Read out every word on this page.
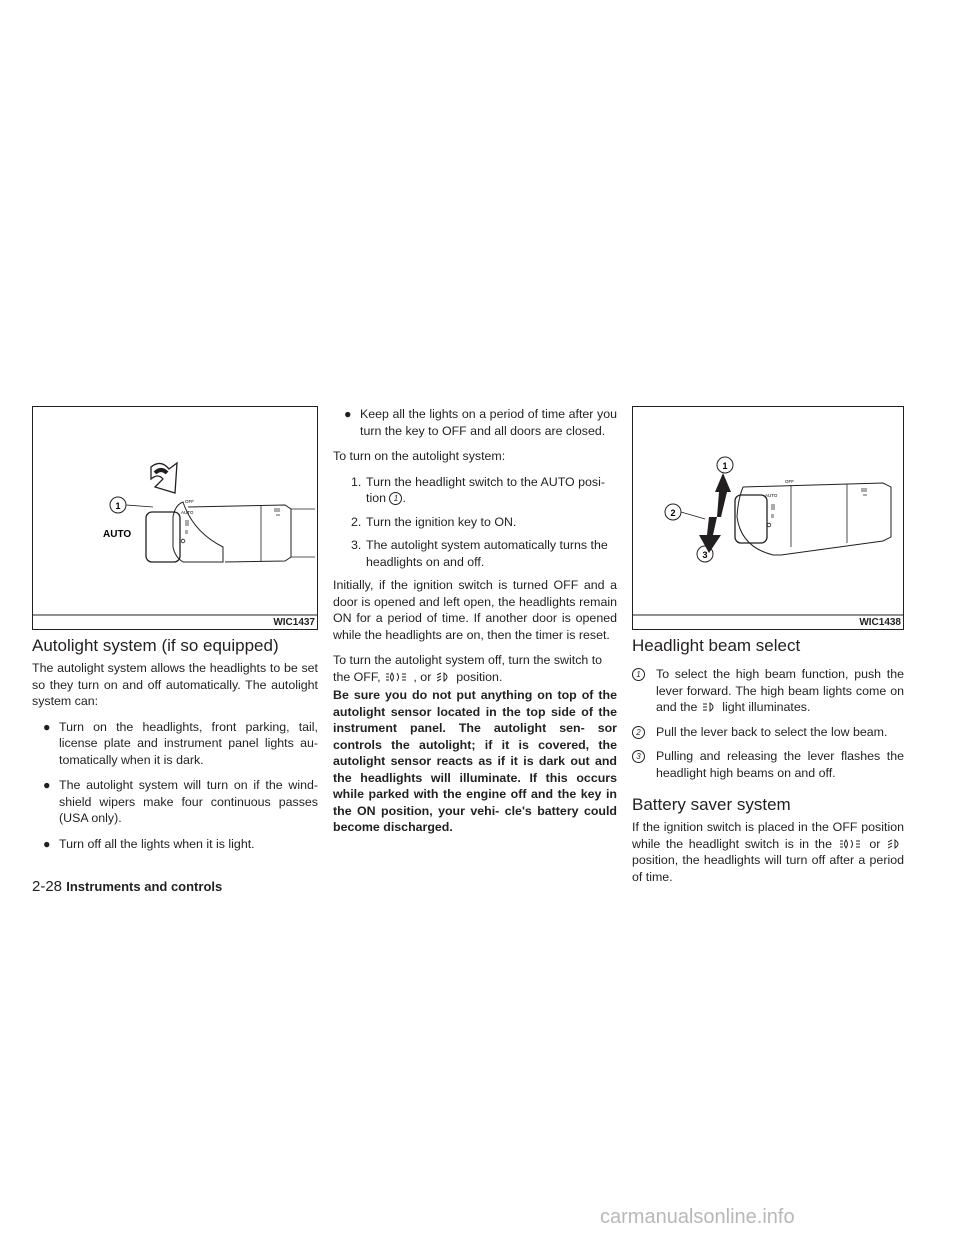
1
AUTO
OFF
AUTO
WIC1437
1
2
3
OFF
AUTO
WIC1438
Autolight system (if so equipped)

The autolight system allows the headlights to be set so they turn on and off automatically. The autolight system can:

● Turn on the headlights, front parking, tail, license plate and instrument panel lights au- tomatically when it is dark.
● The autolight system will turn on if the wind- shield wipers make four continuous passes (USA only).
● Turn off all the lights when it is light.
● Keep all the lights on a period of time after you turn the key to OFF and all doors are closed.

To turn on the autolight system:

1. Turn the headlight switch to the AUTO posi- tion 1 .
2. Turn the ignition key to ON.
3. The autolight system automatically turns the headlights on and off.

Initially, if the ignition switch is turned OFF and a door is opened and left open, the headlights remain ON for a period of time. If another door is opened while the headlights are on, then the timer is reset.

To turn the autolight system off, turn the switch to the OFF,	, or position.

Be sure you do not put anything on top of the autolight sensor located in the top side of the instrument panel. The autolight sen- sor controls the autolight; if it is covered, the autolight sensor reacts as if it is dark out and the headlights will illuminate. If this occurs while parked with the engine off and the key in the ON position, your vehi- cle's battery could become discharged.

Headlight beam select
1	To select the high beam function, push the lever forward. The high beam lights come on and the light illuminates.
2	Pull the lever back to select the low beam.
3	Pulling and releasing the lever flashes the headlight high beams on and off.
Battery saver system

If the ignition switch is placed in the OFF position while the headlight switch is in the	or  position, the headlights will turn off after a period of time.

2-28 Instruments and controls
carmanualsonline.info
